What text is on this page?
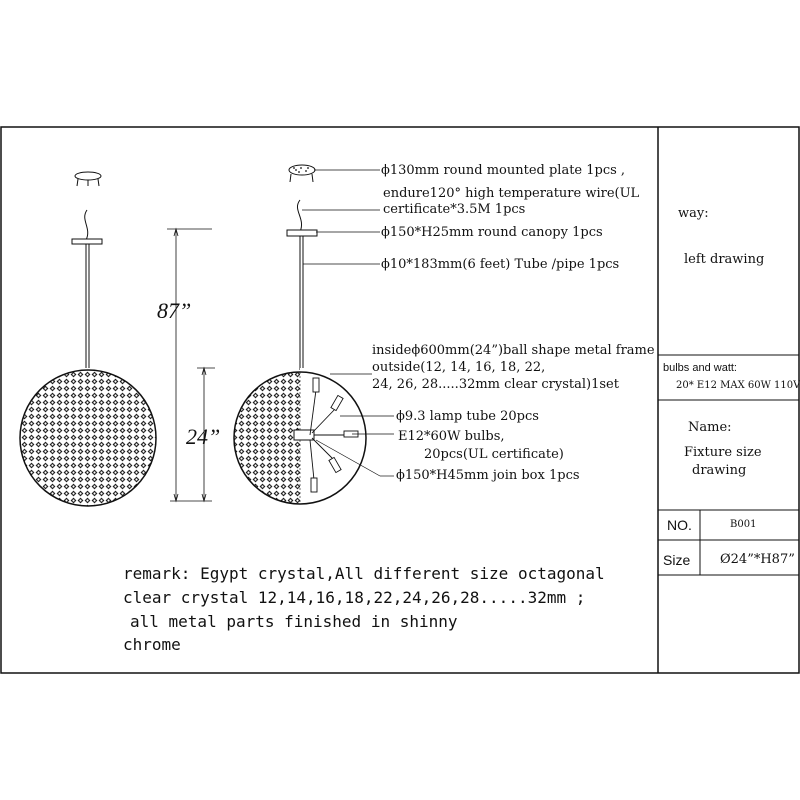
ϕ130mm round mounted plate 1pcs ,
endure120° high temperature wire(UL
certificate*3.5M 1pcs
ϕ150*H25mm round canopy 1pcs
ϕ10*183mm(6 feet) Tube /pipe 1pcs
insideϕ600mm(24”)ball shape metal frame
outside(12, 14, 16, 18, 22,
24, 26, 28.....32mm clear crystal)1set
ϕ9.3 lamp tube 20pcs
E12*60W bulbs,
20pcs(UL certificate)
ϕ150*H45mm join box 1pcs
87”
24”
remark: Egypt crystal,All different size octagonal
clear crystal 12,14,16,18,22,24,26,28.....32mm ;
all metal parts finished in shinny
chrome
way:
left drawing
bulbs and watt:
20* E12 MAX 60W 110V
Name:
Fixture size
drawing
NO.	B001
Size Ø24”*H87”
